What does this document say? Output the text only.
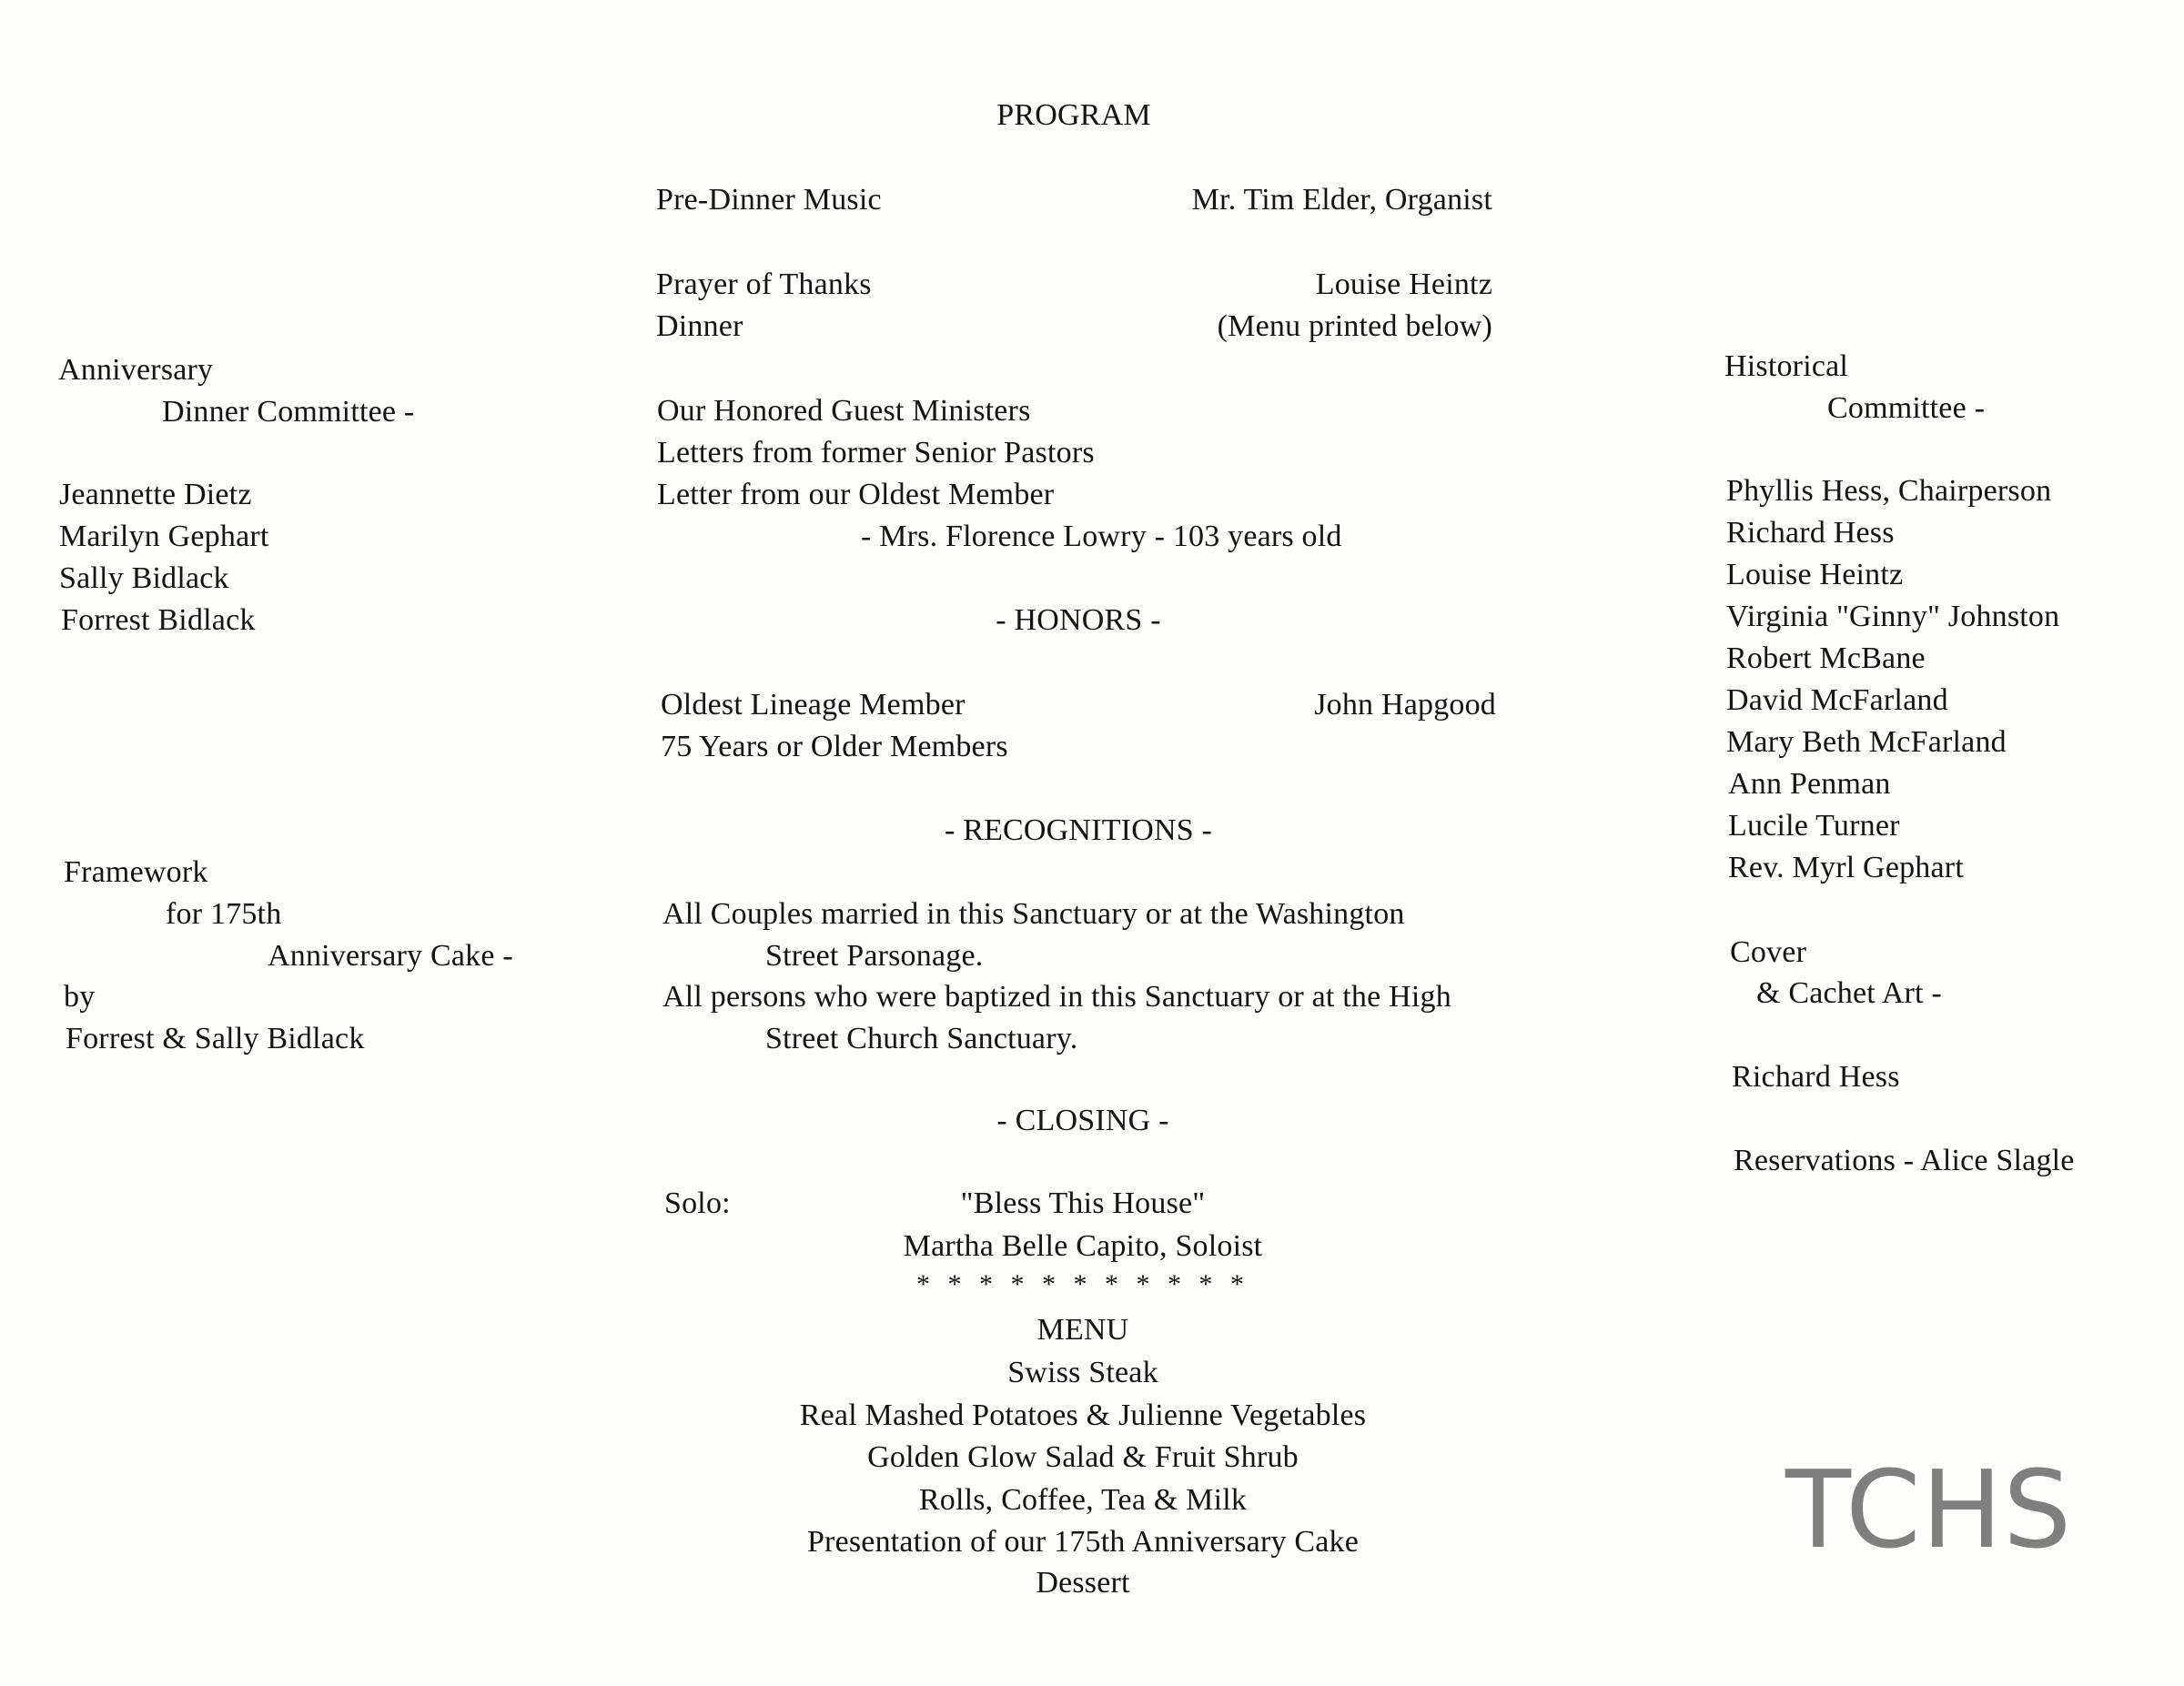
PROGRAM
Pre-Dinner Music	Mr. Tim Elder, Organist
Prayer of Thanks	Louise Heintz
Dinner	(Menu printed below)
Our Honored Guest Ministers
Letters from former Senior Pastors
Letter from our Oldest Member
- Mrs. Florence Lowry - 103 years old
- HONORS -
Oldest Lineage Member	John Hapgood
75 Years or Older Members
- RECOGNITIONS -
All Couples married in this Sanctuary or at the Washington
Street Parsonage.
All persons who were baptized in this Sanctuary or at the High
Street Church Sanctuary.
- CLOSING -
Solo:	"Bless This House"
Martha Belle Capito, Soloist
* * * * * * * * * * *
MENU
Swiss Steak
Real Mashed Potatoes & Julienne Vegetables
Golden Glow Salad & Fruit Shrub
Rolls, Coffee, Tea & Milk
Presentation of our 175th Anniversary Cake
Dessert
Anniversary
Dinner Committee -
Jeannette Dietz
Marilyn Gephart
Sally Bidlack
Forrest Bidlack
Framework
for 175th
Anniversary Cake -
by
Forrest & Sally Bidlack
Historical
Committee -
Phyllis Hess, Chairperson
Richard Hess
Louise Heintz
Virginia "Ginny" Johnston
Robert McBane
David McFarland
Mary Beth McFarland
Ann Penman
Lucile Turner
Rev. Myrl Gephart
Cover
& Cachet Art -
Richard Hess
Reservations - Alice Slagle
TCHS
